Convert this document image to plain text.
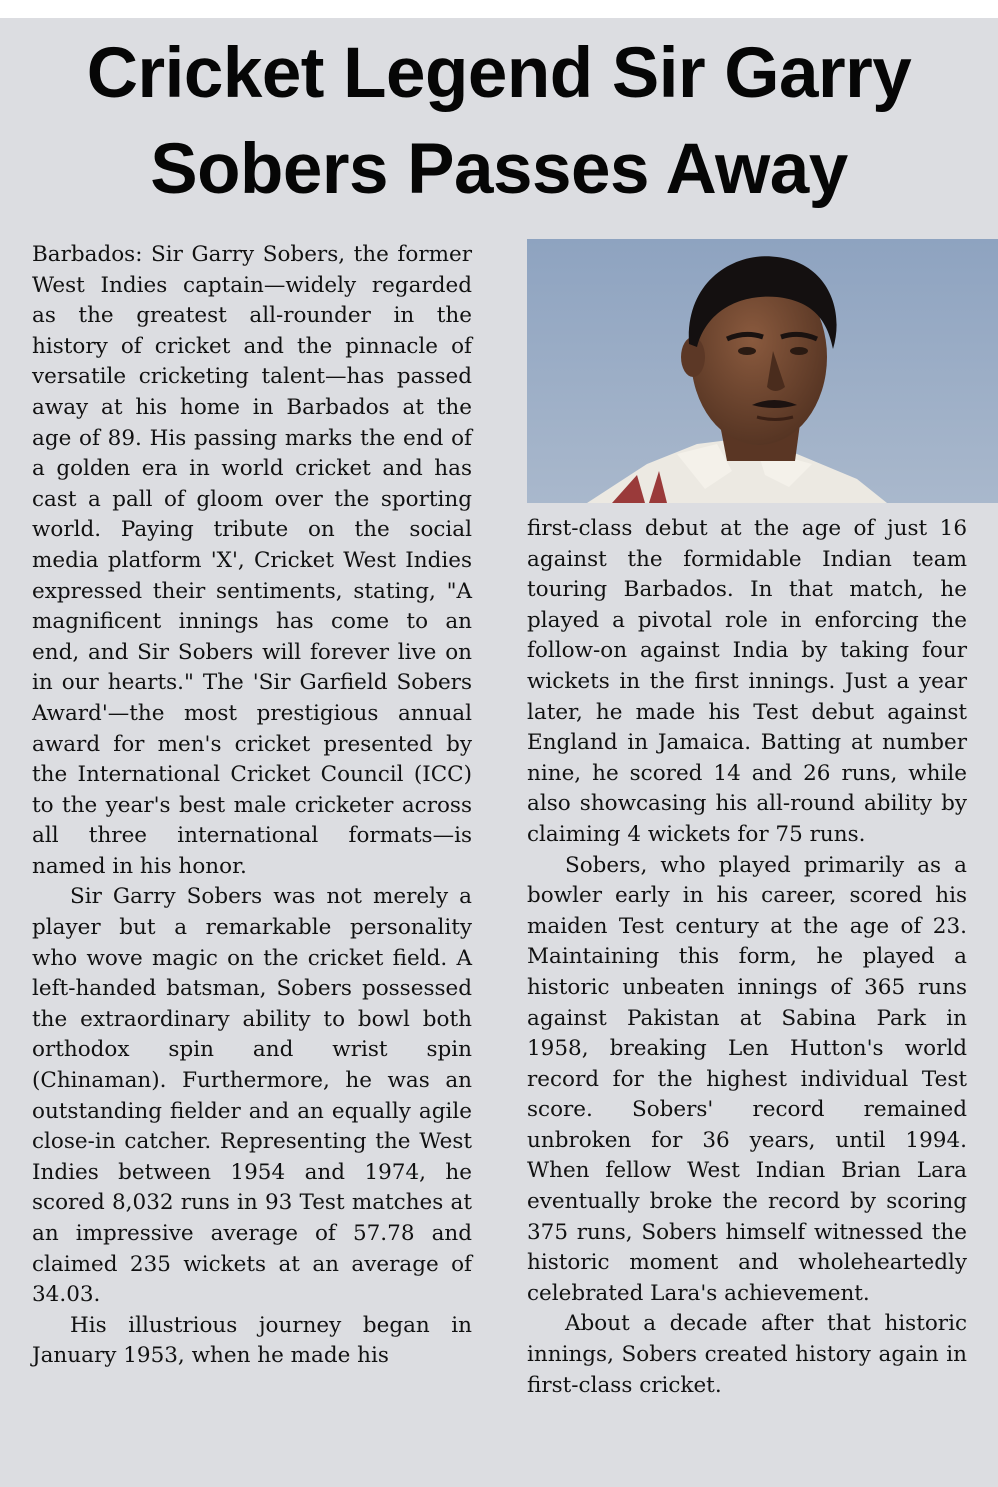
Cricket Legend Sir Garry
Sobers Passes Away

Barbados: Sir Garry Sobers, the former West Indies captain—widely regarded as the greatest all-rounder in the history of cricket and the pinnacle of versatile cricketing talent—has passed away at his home in Barbados at the age of 89. His passing marks the end of a golden era in world cricket and has cast a pall of gloom over the sporting world. Paying tribute on the social media platform 'X', Cricket West Indies expressed their sentiments, stating, "A magnificent innings has come to an end, and Sir Sobers will forever live on in our hearts." The 'Sir Garfield Sobers Award'—the most prestigious annual award for men's cricket presented by the International Cricket Council (ICC) to the year's best male cricketer across all three international formats—is named in his honor.

Sir Garry Sobers was not merely a player but a remarkable personality who wove magic on the cricket field. A left-handed batsman, Sobers possessed the extraordinary ability to bowl both orthodox spin and wrist spin (Chinaman). Furthermore, he was an outstanding fielder and an equally agile close-in catcher. Representing the West Indies between 1954 and 1974, he scored 8,032 runs in 93 Test matches at an impressive average of 57.78 and claimed 235 wickets at an average of 34.03.

His illustrious journey began in January 1953, when he made his

first-class debut at the age of just 16 against the formidable Indian team touring Barbados. In that match, he played a pivotal role in enforcing the follow-on against India by taking four wickets in the first innings. Just a year later, he made his Test debut against England in Jamaica. Batting at number nine, he scored 14 and 26 runs, while also showcasing his all-round ability by claiming 4 wickets for 75 runs.

Sobers, who played primarily as a bowler early in his career, scored his maiden Test century at the age of 23. Maintaining this form, he played a historic unbeaten innings of 365 runs against Pakistan at Sabina Park in 1958, breaking Len Hutton's world record for the highest individual Test score. Sobers' record remained unbroken for 36 years, until 1994. When fellow West Indian Brian Lara eventually broke the record by scoring 375 runs, Sobers himself witnessed the historic moment and wholeheartedly celebrated Lara's achievement.

About a decade after that historic innings, Sobers created history again in first-class cricket.
